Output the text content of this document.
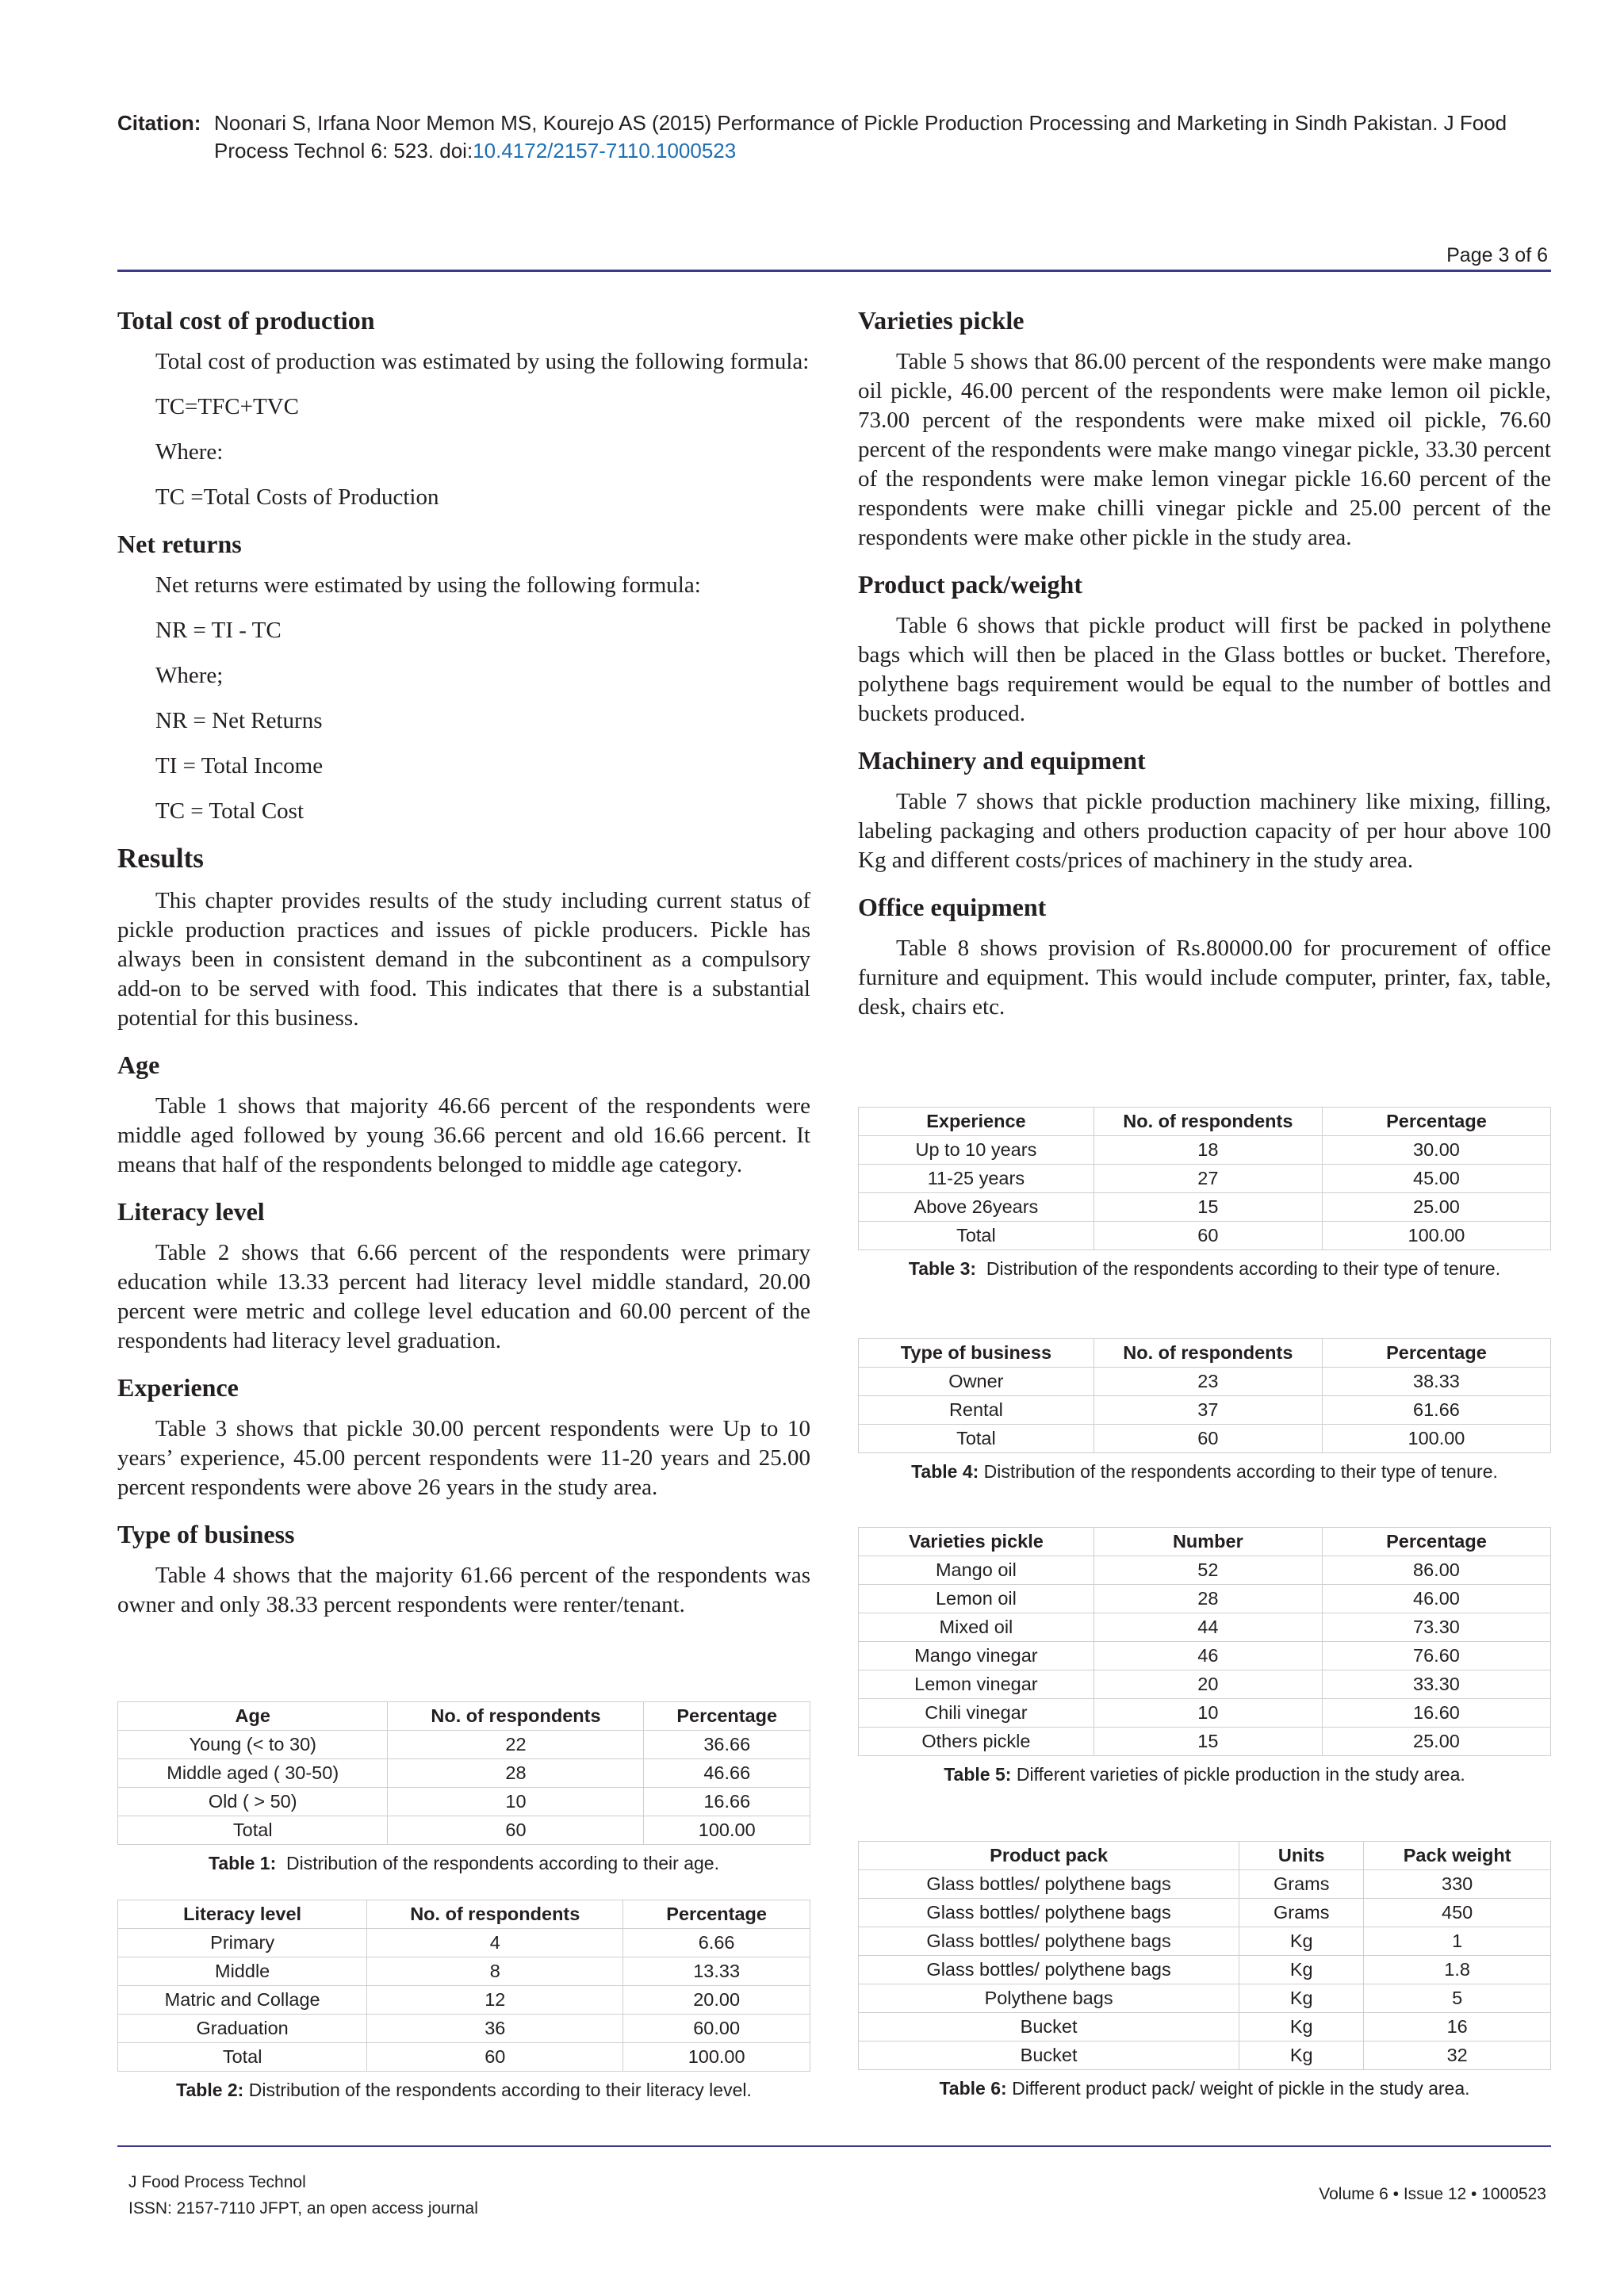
Citation: Noonari S, Irfana Noor Memon MS, Kourejo AS (2015) Performance of Pickle Production Processing and Marketing in Sindh Pakistan. J Food Process Technol 6: 523. doi:10.4172/2157-7110.1000523
Page 3 of 6
Total cost of production

Total cost of production was estimated by using the following formula:

TC=TFC+TVC

Where:

TC =Total Costs of Production

Net returns

Net returns were estimated by using the following formula:

NR = TI - TC

Where;

NR = Net Returns

TI = Total Income

TC = Total Cost

Results

This chapter provides results of the study including current status of pickle production practices and issues of pickle producers. Pickle has always been in consistent demand in the subcontinent as a compulsory add-on to be served with food. This indicates that there is a substantial potential for this business.

Age

Table 1 shows that majority 46.66 percent of the respondents were middle aged followed by young 36.66 percent and old 16.66 percent. It means that half of the respondents belonged to middle age category.

Literacy level

Table 2 shows that 6.66 percent of the respondents were primary education while 13.33 percent had literacy level middle standard, 20.00 percent were metric and college level education and 60.00 percent of the respondents had literacy level graduation.

Experience

Table 3 shows that pickle 30.00 percent respondents were Up to 10 years’ experience, 45.00 percent respondents were 11-20 years and 25.00 percent respondents were above 26 years in the study area.

Type of business

Table 4 shows that the majority 61.66 percent of the respondents was owner and only 38.33 percent respondents were renter/tenant.

Varieties pickle

Table 5 shows that 86.00 percent of the respondents were make mango oil pickle, 46.00 percent of the respondents were make lemon oil pickle, 73.00 percent of the respondents were make mixed oil pickle, 76.60 percent of the respondents were make mango vinegar pickle, 33.30 percent of the respondents were make lemon vinegar pickle 16.60 percent of the respondents were make chilli vinegar pickle and 25.00 percent of the respondents were make other pickle in the study area.

Product pack/weight

Table 6 shows that pickle product will first be packed in polythene bags which will then be placed in the Glass bottles or bucket. Therefore, polythene bags requirement would be equal to the number of bottles and buckets produced.

Machinery and equipment

Table 7 shows that pickle production machinery like mixing, filling, labeling packaging and others production capacity of per hour above 100 Kg and different costs/prices of machinery in the study area.

Office equipment

Table 8 shows provision of Rs.80000.00 for procurement of office furniture and equipment. This would include computer, printer, fax, table, desk, chairs etc.

Age	No. of respondents	Percentage
Young (< to 30)	22	36.66
Middle aged ( 30-50)	28	46.66
Old ( > 50)	10	16.66
Total	60	100.00
Table 1:  Distribution of the respondents according to their age.
Literacy level	No. of respondents	Percentage
Primary	4	6.66
Middle	8	13.33
Matric and Collage	12	20.00
Graduation	36	60.00
Total	60	100.00
Table 2: Distribution of the respondents according to their literacy level.
Experience	No. of respondents	Percentage
Up to 10 years	18	30.00
11-25 years	27	45.00
Above 26years	15	25.00
Total	60	100.00
Table 3:  Distribution of the respondents according to their type of tenure.
Type of business	No. of respondents	Percentage
Owner	23	38.33
Rental	37	61.66
Total	60	100.00
Table 4: Distribution of the respondents according to their type of tenure.
Varieties pickle	Number	Percentage
Mango oil	52	86.00
Lemon oil	28	46.00
Mixed oil	44	73.30
Mango vinegar	46	76.60
Lemon vinegar	20	33.30
Chili vinegar	10	16.60
Others pickle	15	25.00
Table 5: Different varieties of pickle production in the study area.
Product pack	Units	Pack weight
Glass bottles/ polythene bags	Grams	330
Glass bottles/ polythene bags	Grams	450
Glass bottles/ polythene bags	Kg	1
Glass bottles/ polythene bags	Kg	1.8
Polythene bags	Kg	5
Bucket	Kg	16
Bucket	Kg	32
Table 6: Different product pack/ weight of pickle in the study area.
J Food Process Technol
ISSN: 2157-7110 JFPT, an open access journal
Volume 6 • Issue 12 • 1000523
